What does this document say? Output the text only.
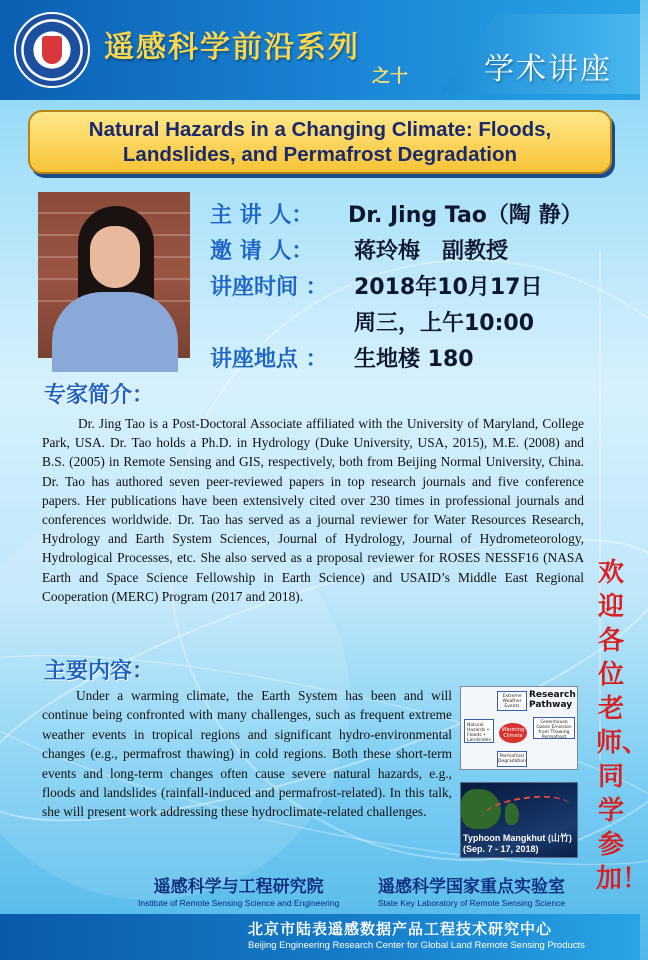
遥感科学前沿系列
之十	学术讲座
Natural Hazards in a Changing Climate: Floods,
Landslides, and Permafrost Degradation
主 讲 人： Dr. Jing Tao（陶 静）
邀 请 人： 蒋玲梅　副教授
讲座时间 ： 2018年10月17日
周三，上午10:00
讲座地点 ： 生地楼 180
专家简介：
Dr. Jing Tao is a Post-Doctoral Associate affiliated with the University of Maryland, College Park, USA. Dr. Tao holds a Ph.D. in Hydrology (Duke University, USA, 2015), M.E. (2008) and B.S. (2005) in Remote Sensing and GIS, respectively, both from Beijing Normal University, China. Dr. Tao has authored seven peer-reviewed papers in top research journals and five conference papers. Her publications have been extensively cited over 230 times in professional journals and conferences worldwide. Dr. Tao has served as a journal reviewer for Water Resources Research, Hydrology and Earth System Sciences, Journal of Hydrology, Journal of Hydrometeorology, Hydrological Processes, etc. She also served as a proposal reviewer for ROSES NESSF16 (NASA Earth and Space Science Fellowship in Earth Science) and USAID’s Middle East Regional Cooperation (MERC) Program (2017 and 2018).
主要内容：
Under a warming climate, the Earth System has been and will continue being confronted with many challenges, such as frequent extreme weather events in tropical regions and significant hydro-environmental changes (e.g., permafrost thawing) in cold regions. Both these short-term events and long-term changes often cause severe natural hazards, e.g., floods and landslides (rainfall-induced and permafrost-related). In this talk, she will present work addressing these hydroclimate-related challenges.
欢迎各位老师、同学参加！
Research
Pathway
Extreme Weather Events
Natural Hazards • Floods • Landslides
Greenhouse Gases Emission from Thawing Permafrost
Permafrost Degradation
Warming Climate
Typhoon Mangkhut (山竹)
(Sep. 7 - 17, 2018)
遥感科学与工程研究院
Institute of Remote Sensing Science and Engineering
遥感科学国家重点实验室
State Key Laboratory of Remote Sensing Science
北京市陆表遥感数据产品工程技术研究中心
Beijing Engineering Research Center for Global Land Remote Sensing Products
